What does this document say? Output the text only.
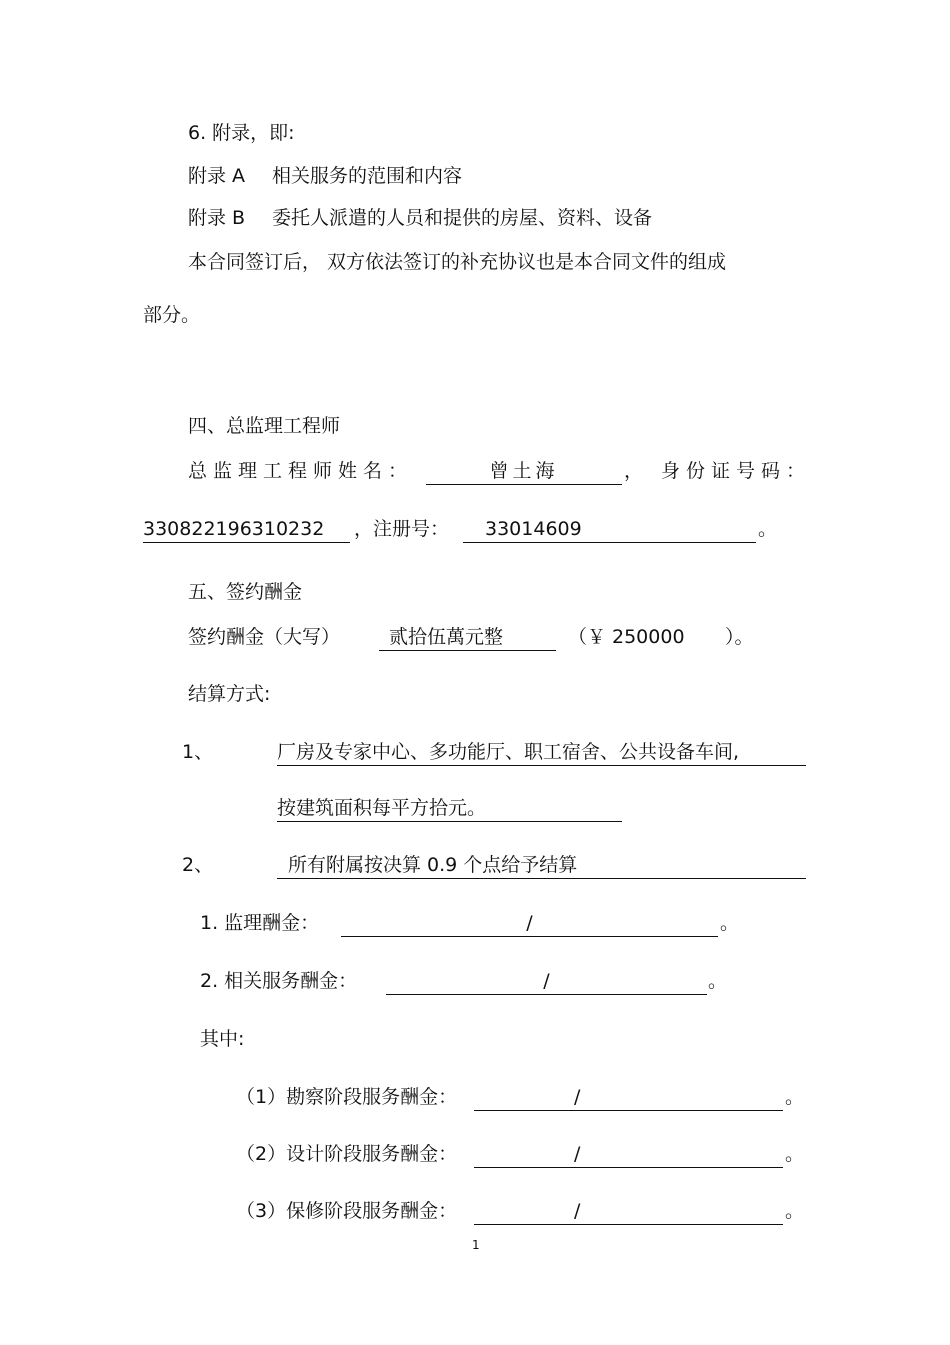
6. 附录，即:
附录 A 相关服务的范围和内容
附录 B 委托人派遣的人员和提供的房屋、资料、设备
本合同签订后， 双方依法签订的补充协议也是本合同文件的组成
部分。
四、总监理工程师
总监理工程师姓名：	曾土海	， 身份证号码：
330822196310232	，注册号：	33014609	。
五、签约酬金
签约酬金（大写）	贰拾伍萬元整	（￥ 250000 ）。
结算方式:
1、	厂房及专家中心、多功能厅、职工宿舍、公共设备车间,
按建筑面积每平方拾元。
2、	所有附属按决算 0.9 个点给予结算
1. 监理酬金：	/	。
2. 相关服务酬金：	/	。
其中:
（1）勘察阶段服务酬金：	/	。
（2）设计阶段服务酬金：	/	。
（3）保修阶段服务酬金：	/	。
1
